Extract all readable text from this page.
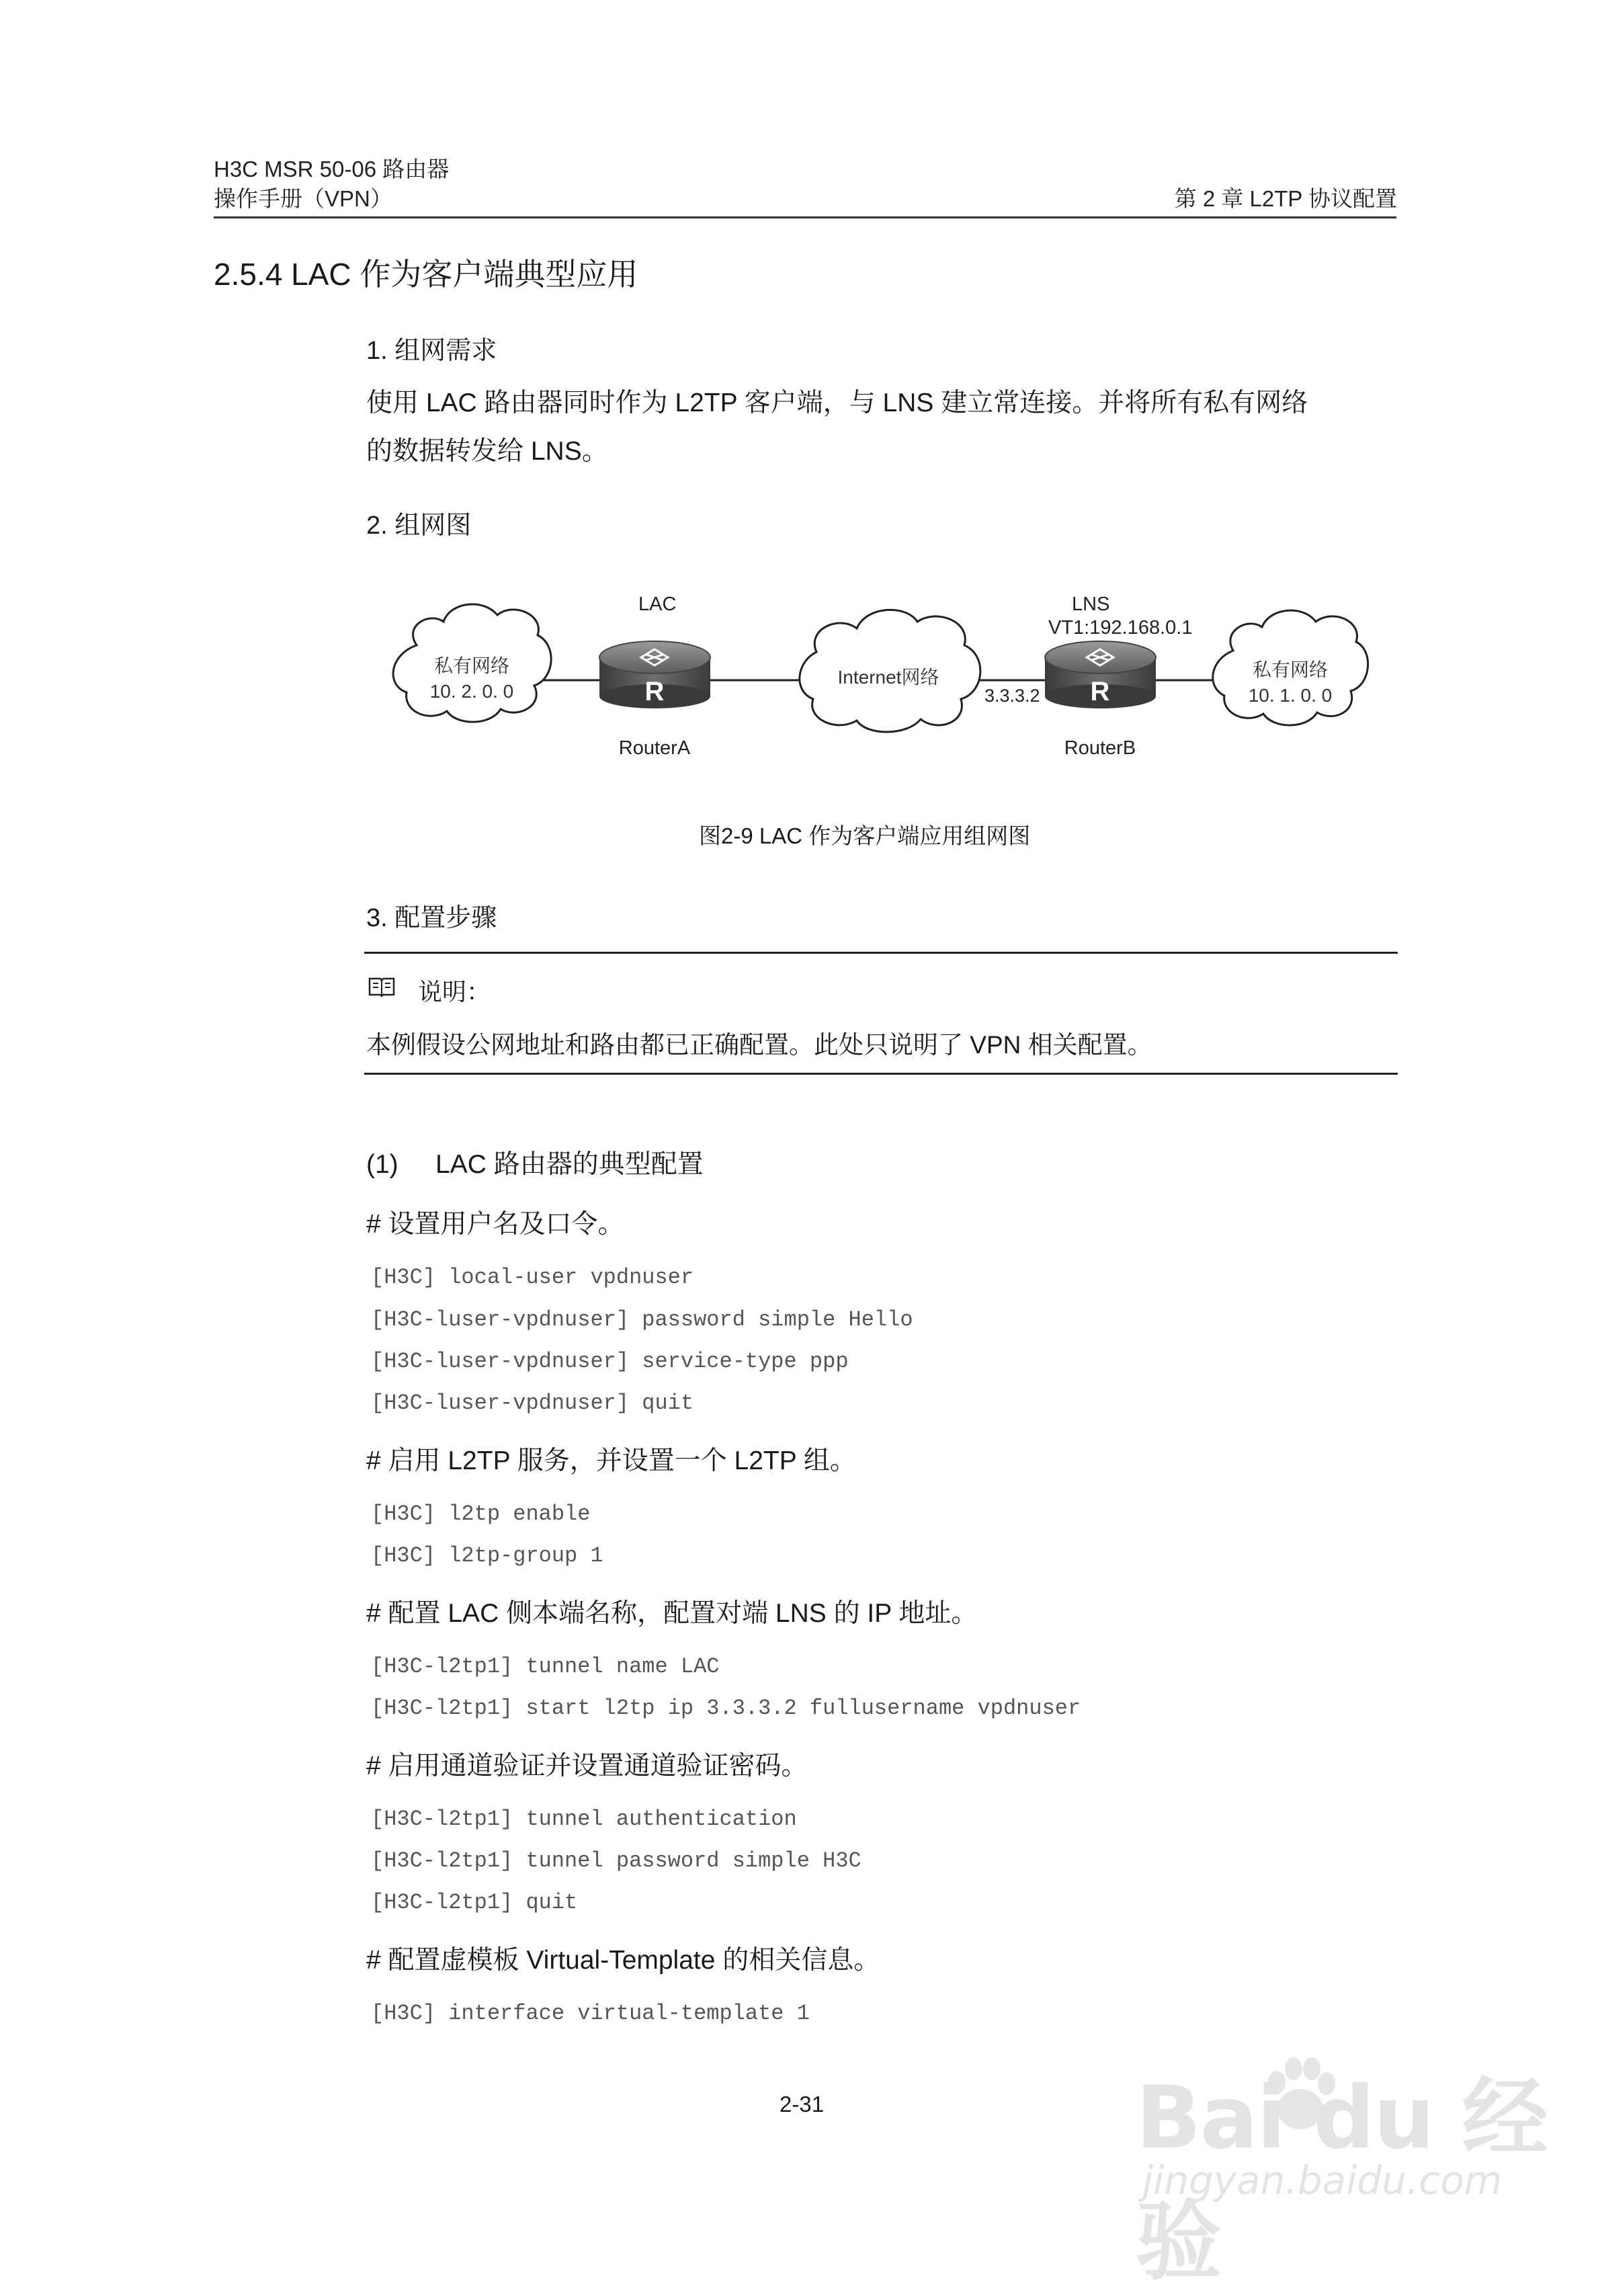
H3C MSR 50-06 路由器
操作手册（VPN）	第 2 章 L2TP 协议配置
2.5.4 LAC 作为客户端典型应用
1. 组网需求
使用 LAC 路由器同时作为 L2TP 客户端，与 LNS 建立常连接。并将所有私有网络
的数据转发给 LNS。
2. 组网图
R	R
LAC	LNS
VT1:192.168.0.1
私有网络
10. 2. 0. 0
Internet网络	私有网络
10. 1. 0. 0
3.3.3.2
RouterA	RouterB
图2-9 LAC 作为客户端应用组网图
3. 配置步骤
说明：
本例假设公网地址和路由都已正确配置。此处只说明了 VPN 相关配置。
(1) LAC 路由器的典型配置
# 设置用户名及口令。
[H3C] local-user vpdnuser
[H3C-luser-vpdnuser] password simple Hello
[H3C-luser-vpdnuser] service-type ppp
[H3C-luser-vpdnuser] quit
# 启用 L2TP 服务，并设置一个 L2TP 组。
[H3C] l2tp enable
[H3C] l2tp-group 1
# 配置 LAC 侧本端名称，配置对端 LNS 的 IP 地址。
[H3C-l2tp1] tunnel name LAC
[H3C-l2tp1] start l2tp ip 3.3.3.2 fullusername vpdnuser
# 启用通道验证并设置通道验证密码。
[H3C-l2tp1] tunnel authentication
[H3C-l2tp1] tunnel password simple H3C
[H3C-l2tp1] quit
# 配置虚模板 Virtual-Template 的相关信息。
[H3C] interface virtual-template 1
2-31	Bai du 经验
jingyan.baidu.com
